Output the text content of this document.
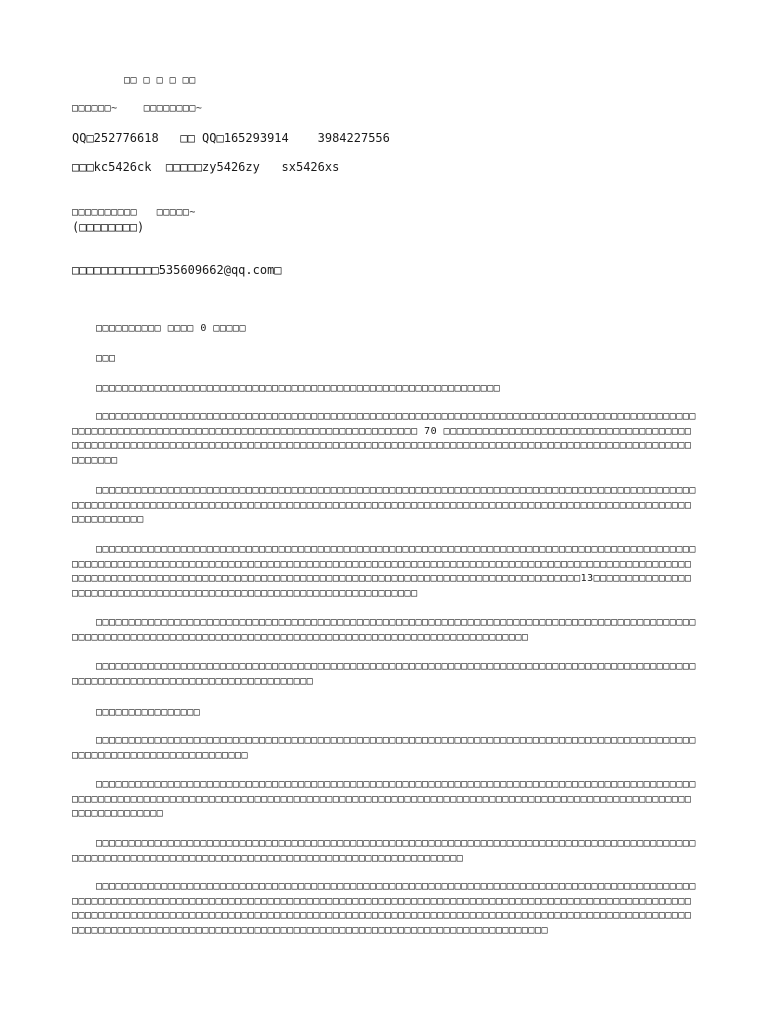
□□ □ □ □ □□
□□□□□□~    □□□□□□□□~
QQ□252776618   □□ QQ□165293914    3984227556
□□□kc5426ck  □□□□□zy5426zy   sx5426xs
□□□□□□□□□□   □□□□□~
(□□□□□□□□)
□□□□□□□□□□□□535609662@qq.com□
□□□□□□□□□□ □□□□ 0 □□□□□
□□□
□□□□□□□□□□□□□□□□□□□□□□□□□□□□□□□□□□□□□□□□□□□□□□□□□□□□□□□□□□□□□□
□□□□□□□□□□□□□□□□□□□□□□□□□□□□□□□□□□□□□□□□□□□□□□□□□□□□□□□□□□□□□□□□□□□□□□□□□□□□□□□□□□□□□□□□□□□□□□□□□□□□□□□□□□□□□□□□□□□□□□□□□□□□□□□□□□□□□□□□□□□□□□□□□ 70 □□□□□□□□□□□□□□□□□□□□□□□□□□□□□□□□□□□□□□□□□□□□□□□□□□□□□□□□□□□□□□□□□□□□□□□□□□□□□□□□□□□□□□□□□□□□□□□□□□□□□□□□□□□□□□□□□□□□□□□□□□□□□□□□□□□□□□□□□□□□
□□□□□□□□□□□□□□□□□□□□□□□□□□□□□□□□□□□□□□□□□□□□□□□□□□□□□□□□□□□□□□□□□□□□□□□□□□□□□□□□□□□□□□□□□□□□□□□□□□□□□□□□□□□□□□□□□□□□□□□□□□□□□□□□□□□□□□□□□□□□□□□□□□□□□□□□□□□□□□□□□□□□□□□□□□□□□□□□□□□□□□□□□□□□□□□□□□□□□□
□□□□□□□□□□□□□□□□□□□□□□□□□□□□□□□□□□□□□□□□□□□□□□□□□□□□□□□□□□□□□□□□□□□□□□□□□□□□□□□□□□□□□□□□□□□□□□□□□□□□□□□□□□□□□□□□□□□□□□□□□□□□□□□□□□□□□□□□□□□□□□□□□□□□□□□□□□□□□□□□□□□□□□□□□□□□□□□□□□□□□□□□□□□□□□□□□□□□□□□□□□□□□□□□□□□□□□□□□□□□□□□□□□□□□□□□□□□□□□□□□□□□□□□□□□□□□□□□□□□□□□□□□13□□□□□□□□□□□□□□□□□□□□□□□□□□□□□□□□□□□□□□□□□□□□□□□□□□□□□□□□□□□□□□□□□□□□
□□□□□□□□□□□□□□□□□□□□□□□□□□□□□□□□□□□□□□□□□□□□□□□□□□□□□□□□□□□□□□□□□□□□□□□□□□□□□□□□□□□□□□□□□□□□□□□□□□□□□□□□□□□□□□□□□□□□□□□□□□□□□□□□□□□□□□□□□□□□□□□□□□□□□□□□□□□□□□□□□□
□□□□□□□□□□□□□□□□□□□□□□□□□□□□□□□□□□□□□□□□□□□□□□□□□□□□□□□□□□□□□□□□□□□□□□□□□□□□□□□□□□□□□□□□□□□□□□□□□□□□□□□□□□□□□□□□□□□□□□□□□□□□□□□□□
□□□□□□□□□□□□□□□□
□□□□□□□□□□□□□□□□□□□□□□□□□□□□□□□□□□□□□□□□□□□□□□□□□□□□□□□□□□□□□□□□□□□□□□□□□□□□□□□□□□□□□□□□□□□□□□□□□□□□□□□□□□□□□□□□□□□□□□□
□□□□□□□□□□□□□□□□□□□□□□□□□□□□□□□□□□□□□□□□□□□□□□□□□□□□□□□□□□□□□□□□□□□□□□□□□□□□□□□□□□□□□□□□□□□□□□□□□□□□□□□□□□□□□□□□□□□□□□□□□□□□□□□□□□□□□□□□□□□□□□□□□□□□□□□□□□□□□□□□□□□□□□□□□□□□□□□□□□□□□□□□□□□□□□□□□□□□□□□□□
□□□□□□□□□□□□□□□□□□□□□□□□□□□□□□□□□□□□□□□□□□□□□□□□□□□□□□□□□□□□□□□□□□□□□□□□□□□□□□□□□□□□□□□□□□□□□□□□□□□□□□□□□□□□□□□□□□□□□□□□□□□□□□□□□□□□□□□□□□□□□□□□□□□□□□□□
□□□□□□□□□□□□□□□□□□□□□□□□□□□□□□□□□□□□□□□□□□□□□□□□□□□□□□□□□□□□□□□□□□□□□□□□□□□□□□□□□□□□□□□□□□□□□□□□□□□□□□□□□□□□□□□□□□□□□□□□□□□□□□□□□□□□□□□□□□□□□□□□□□□□□□□□□□□□□□□□□□□□□□□□□□□□□□□□□□□□□□□□□□□□□□□□□□□□□□□□□□□□□□□□□□□□□□□□□□□□□□□□□□□□□□□□□□□□□□□□□□□□□□□□□□□□□□□□□□□□□□□□□□□□□□□□□□□□□□□□□□□□□□□□□□□□□□□□□□□□□□□□□□□□□□□□□□□□□□□□□□□□□□□□□□□□□□□□□□□□□□□□□□□□□□□□□□□
